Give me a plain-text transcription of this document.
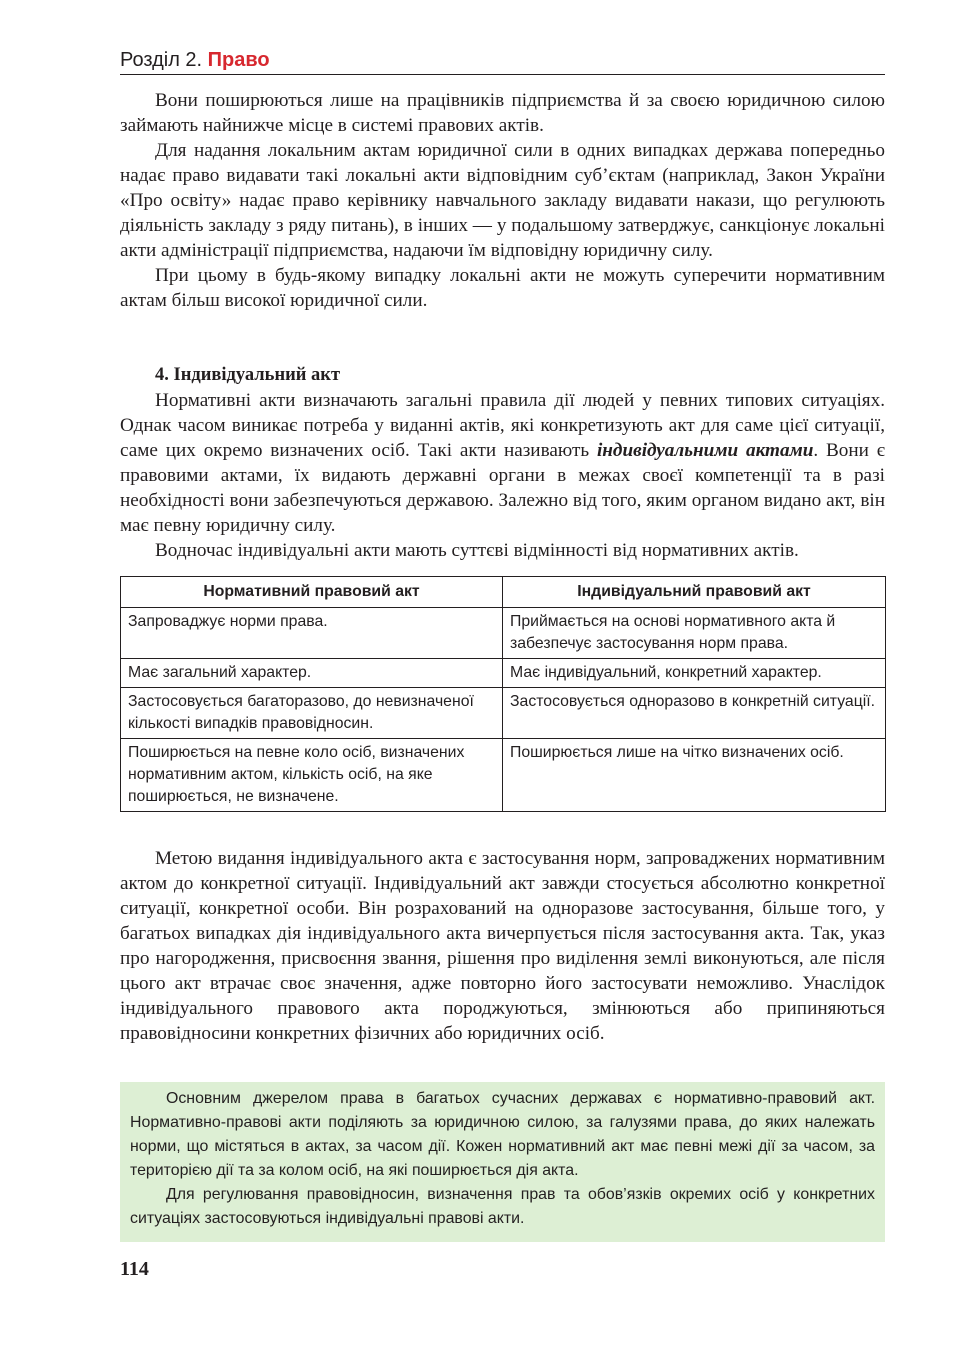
Розділ 2. Право

Вони поширюються лише на працівників підприємства й за своєю юридичною силою займають найнижче місце в системі правових актів.

Для надання локальним актам юридичної сили в одних випадках держава попередньо надає право видавати такі локальні акти відповідним суб’єктам (наприклад, Закон України «Про освіту» надає право керівнику навчального закладу видавати накази, що регулюють діяльність закладу з ряду питань), в інших — у подальшому затверджує, санкціонує локальні акти адміністрації підприємства, надаючи їм відповідну юридичну силу.

При цьому в будь-якому випадку локальні акти не можуть суперечити нормативним актам більш високої юридичної сили.

4. Індивідуальний акт

Нормативні акти визначають загальні правила дії людей у певних типових ситуаціях. Однак часом виникає потреба у виданні актів, які конкретизують акт для саме цієї ситуації, саме цих окремо визначених осіб. Такі акти називають індивідуальними актами. Вони є правовими актами, їх видають державні органи в межах своєї компетенції та в разі необхідності вони забезпечуються державою. Залежно від того, яким органом видано акт, він має певну юридичну силу.

Водночас індивідуальні акти мають суттєві відмінності від нормативних актів.

Нормативний правовий акт	Індивідуальний правовий акт
Запроваджує норми права.	Приймається на основі нормативного акта й забезпечує застосування норм права.
Має загальний характер.	Має індивідуальний, конкретний характер.
Застосовується багаторазово, до невизначеної кількості випадків правовідносин.	Застосовується одноразово в конкретній ситуації.
Поширюється на певне коло осіб, визначених нормативним актом, кількість осіб, на яке поширюється, не визначене.	Поширюється лише на чітко визначених осіб.

Метою видання індивідуального акта є застосування норм, запроваджених нормативним актом до конкретної ситуації. Індивідуальний акт завжди стосується абсолютно конкретної ситуації, конкретної особи. Він розрахований на одноразове застосування, більше того, у багатьох випадках дія індивідуального акта вичерпується після застосування акта. Так, указ про нагородження, присвоєння звання, рішення про виділення землі виконуються, але після цього акт втрачає своє значення, адже повторно його застосувати неможливо. Унаслідок індивідуального правового акта породжуються, змінюються або припиняються правовідносини конкретних фізичних або юридичних осіб.

Основним джерелом права в багатьох сучасних державах є нормативно-правовий акт. Нормативно-правові акти поділяють за юридичною силою, за галузями права, до яких належать норми, що містяться в актах, за часом дії. Кожен нормативний акт має певні межі дії за часом, за територією дії та за колом осіб, на які поширюється дія акта.

Для регулювання правовідносин, визначення прав та обов’язків окремих осіб у конкретних ситуаціях застосовуються індивідуальні правові акти.

114
